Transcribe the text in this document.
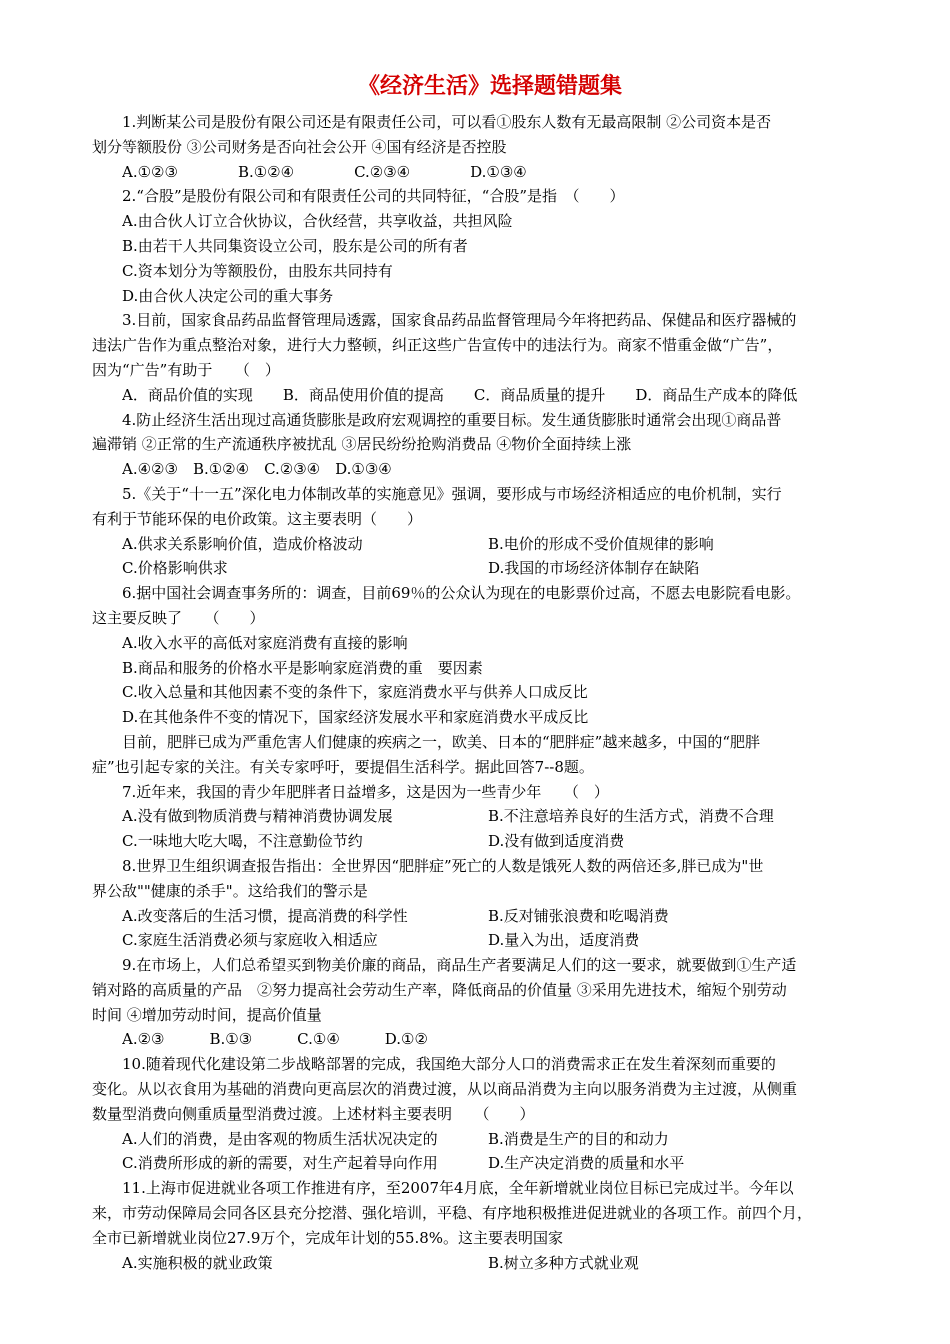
《经济生活》选择题错题集
1.判断某公司是股份有限公司还是有限责任公司，可以看①股东人数有无最高限制 ②公司资本是否
划分等额股份 ③公司财务是否向社会公开 ④国有经济是否控股
A.①②③　　　　B.①②④　　　　C.②③④　　　　D.①③④
2.“合股”是股份有限公司和有限责任公司的共同特征，“合股”是指　（　　）
A.由合伙人订立合伙协议，合伙经营，共享收益，共担风险
B.由若干人共同集资设立公司，股东是公司的所有者
C.资本划分为等额股份，由股东共同持有
D.由合伙人决定公司的重大事务
3.目前，国家食品药品监督管理局透露，国家食品药品监督管理局今年将把药品、保健品和医疗器械的
违法广告作为重点整治对象，进行大力整顿，纠正这些广告宣传中的违法行为。商家不惜重金做“广告”，
因为“广告”有助于　　（　）
A．商品价值的实现　　B．商品使用价值的提高　　C．商品质量的提升　　D．商品生产成本的降低
4.防止经济生活出现过高通货膨胀是政府宏观调控的重要目标。发生通货膨胀时通常会出现①商品普
遍滞销 ②正常的生产流通秩序被扰乱 ③居民纷纷抢购消费品 ④物价全面持续上涨
A.④②③　B.①②④　C.②③④　D.①③④
5.《关于“十一五”深化电力体制改革的实施意见》强调，要形成与市场经济相适应的电价机制，实行
有利于节能环保的电价政策。这主要表明（　　）
A.供求关系影响价值，造成价格波动	B.电价的形成不受价值规律的影响
C.价格影响供求	D.我国的市场经济体制存在缺陷
6.据中国社会调查事务所的：调查，目前69％的公众认为现在的电影票价过高，不愿去电影院看电影。
这主要反映了　　（　　）
A.收入水平的高低对家庭消费有直接的影响
B.商品和服务的价格水平是影响家庭消费的重　要因素
C.收入总量和其他因素不变的条件下，家庭消费水平与供养人口成反比
D.在其他条件不变的情况下，国家经济发展水平和家庭消费水平成反比
目前，肥胖已成为严重危害人们健康的疾病之一，欧美、日本的“肥胖症”越来越多，中国的“肥胖
症”也引起专家的关注。有关专家呼吁，要提倡生活科学。据此回答7--8题。
7.近年来，我国的青少年肥胖者日益增多，这是因为一些青少年　　（　）
A.没有做到物质消费与精神消费协调发展	B.不注意培养良好的生活方式，消费不合理
C.一味地大吃大喝，不注意勤俭节约	D.没有做到适度消费
8.世界卫生组织调查报告指出：全世界因“肥胖症”死亡的人数是饿死人数的两倍还多,胖已成为"世
界公敌""健康的杀手"。这给我们的警示是
A.改变落后的生活习惯，提高消费的科学性	B.反对铺张浪费和吃喝消费
C.家庭生活消费必须与家庭收入相适应	D.量入为出，适度消费
9.在市场上，人们总希望买到物美价廉的商品，商品生产者要满足人们的这一要求，就要做到①生产适
销对路的高质量的产品　②努力提高社会劳动生产率，降低商品的价值量 ③采用先进技术，缩短个别劳动
时间 ④增加劳动时间，提高价值量
A.②③　　　B.①③　　　C.①④　　　D.①②
10.随着现代化建设第二步战略部署的完成，我国绝大部分人口的消费需求正在发生着深刻而重要的
变化。从以衣食用为基础的消费向更高层次的消费过渡，从以商品消费为主向以服务消费为主过渡，从侧重
数量型消费向侧重质量型消费过渡。上述材料主要表明　　（　　）
A.人们的消费，是由客观的物质生活状况决定的	B.消费是生产的目的和动力
C.消费所形成的新的需要，对生产起着导向作用	D.生产决定消费的质量和水平
11.上海市促进就业各项工作推进有序，至2007年4月底，全年新增就业岗位目标已完成过半。今年以
来，市劳动保障局会同各区县充分挖潜、强化培训，平稳、有序地积极推进促进就业的各项工作。前四个月，
全市已新增就业岗位27.9万个，完成年计划的55.8%。这主要表明国家
A.实施积极的就业政策	B.树立多种方式就业观
